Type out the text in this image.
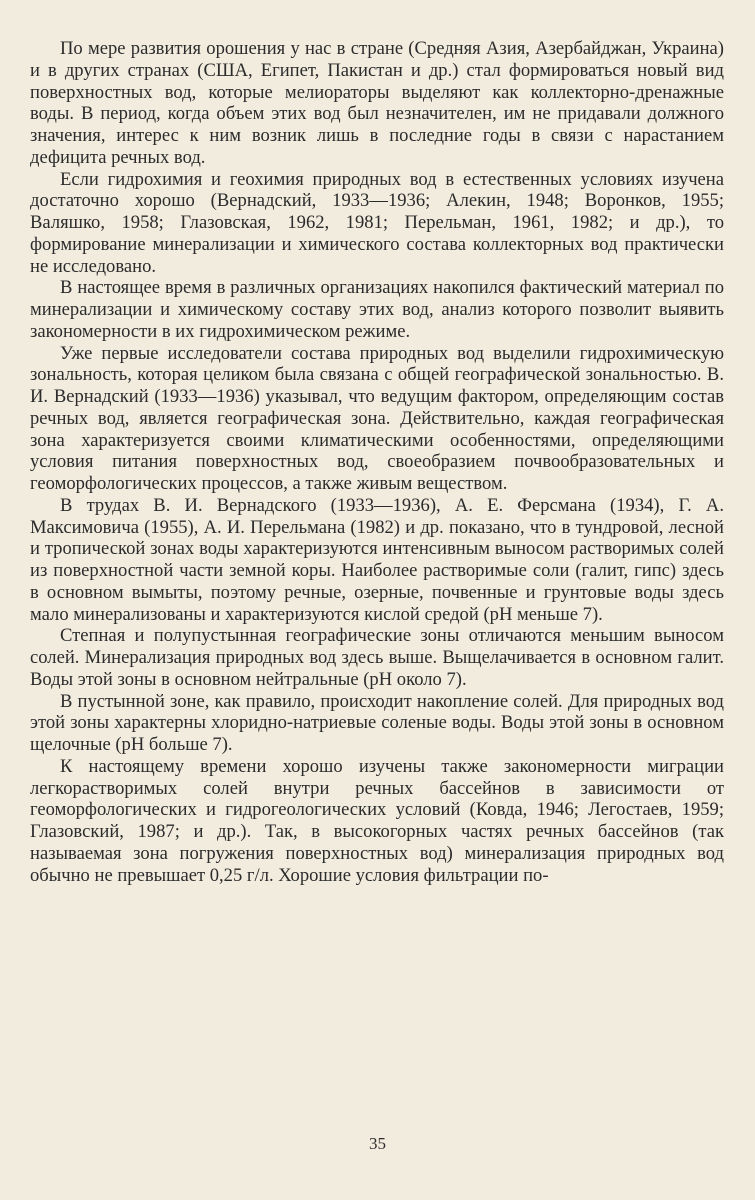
По мере развития орошения у нас в стране (Средняя Азия, Азербайджан, Украина) и в других странах (США, Египет, Пакистан и др.) стал формироваться новый вид поверхностных вод, которые мелиораторы выделяют как коллекторно-дренажные воды. В период, когда объем этих вод был незначителен, им не придавали должного значения, интерес к ним возник лишь в последние годы в связи с нарастанием дефицита речных вод.

Если гидрохимия и геохимия природных вод в естественных условиях изучена достаточно хорошо (Вернадский, 1933—1936; Алекин, 1948; Воронков, 1955; Валяшко, 1958; Глазовская, 1962, 1981; Перельман, 1961, 1982; и др.), то формирование минерализации и химического состава коллекторных вод практически не исследовано.

В настоящее время в различных организациях накопился фактический материал по минерализации и химическому составу этих вод, анализ которого позволит выявить закономерности в их гидрохимическом режиме.

Уже первые исследователи состава природных вод выделили гидрохимическую зональность, которая целиком была связана с общей географической зональностью. В. И. Вернадский (1933—1936) указывал, что ведущим фактором, определяющим состав речных вод, является географическая зона. Действительно, каждая географическая зона характеризуется своими климатическими особенностями, определяющими условия питания поверхностных вод, своеобразием почвообразовательных и геоморфологических процессов, а также живым веществом.

В трудах В. И. Вернадского (1933—1936), А. Е. Ферсмана (1934), Г. А. Максимовича (1955), А. И. Перельмана (1982) и др. показано, что в тундровой, лесной и тропической зонах воды характеризуются интенсивным выносом растворимых солей из поверхностной части земной коры. Наиболее растворимые соли (галит, гипс) здесь в основном вымыты, поэтому речные, озерные, почвенные и грунтовые воды здесь мало минерализованы и характеризуются кислой средой (pH меньше 7).

Степная и полупустынная географические зоны отличаются меньшим выносом солей. Минерализация природных вод здесь выше. Выщелачивается в основном галит. Воды этой зоны в основном нейтральные (pH около 7).

В пустынной зоне, как правило, происходит накопление солей. Для природных вод этой зоны характерны хлоридно-натриевые соленые воды. Воды этой зоны в основном щелочные (pH больше 7).

К настоящему времени хорошо изучены также закономерности миграции легкорастворимых солей внутри речных бассейнов в зависимости от геоморфологических и гидрогеологических условий (Ковда, 1946; Легостаев, 1959; Глазовский, 1987; и др.). Так, в высокогорных частях речных бассейнов (так называемая зона погружения поверхностных вод) минерализация природных вод обычно не превышает 0,25 г/л. Хорошие условия фильтрации по-

35
